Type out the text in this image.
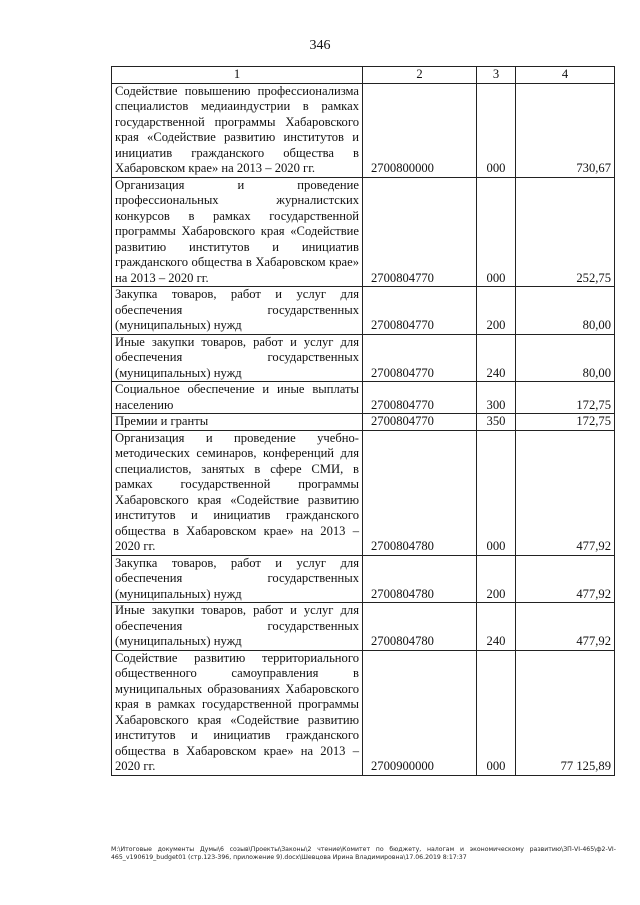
346
1	2	3	4
Содействие повышению профессионализма специалистов медиаиндустрии в рамках государственной программы Хабаровского края «Содействие развитию институтов и инициатив гражданского общества в Хабаровском крае» на 2013 – 2020 гг.	2700800000	000	730,67
Организация и проведение профессиональных журналистских конкурсов в рамках государственной программы Хабаровского края «Содействие развитию институтов и инициатив гражданского общества в Хабаровском крае» на 2013 – 2020 гг.	2700804770	000	252,75
Закупка товаров, работ и услуг для обеспечения государственных (муниципальных) нужд	2700804770	200	80,00
Иные закупки товаров, работ и услуг для обеспечения государственных (муниципальных) нужд	2700804770	240	80,00
Социальное обеспечение и иные выплаты населению	2700804770	300	172,75
Премии и гранты	2700804770	350	172,75
Организация и проведение учебно-методических семинаров, конференций для специалистов, занятых в сфере СМИ, в рамках государственной программы Хабаровского края «Содействие развитию институтов и инициатив гражданского общества в Хабаровском крае» на 2013 – 2020 гг.	2700804780	000	477,92
Закупка товаров, работ и услуг для обеспечения государственных (муниципальных) нужд	2700804780	200	477,92
Иные закупки товаров, работ и услуг для обеспечения государственных (муниципальных) нужд	2700804780	240	477,92
Содействие развитию территориального общественного самоуправления в муниципальных образованиях Хабаровского края в рамках государственной программы Хабаровского края «Содействие развитию институтов и инициатив гражданского общества в Хабаровском крае» на 2013 – 2020 гг.	2700900000	000	77 125,89
М:\Итоговые документы Думы\6 созыв\Проекты\Законы\2 чтение\Комитет по бюджету, налогам и экономическому развитию\ЗП-VI-465\ф2-VI-465_v190619_budget01 (стр.123-396, приложение 9).docx\Шевцова Ирина Владимировна\17.06.2019 8:17:37
